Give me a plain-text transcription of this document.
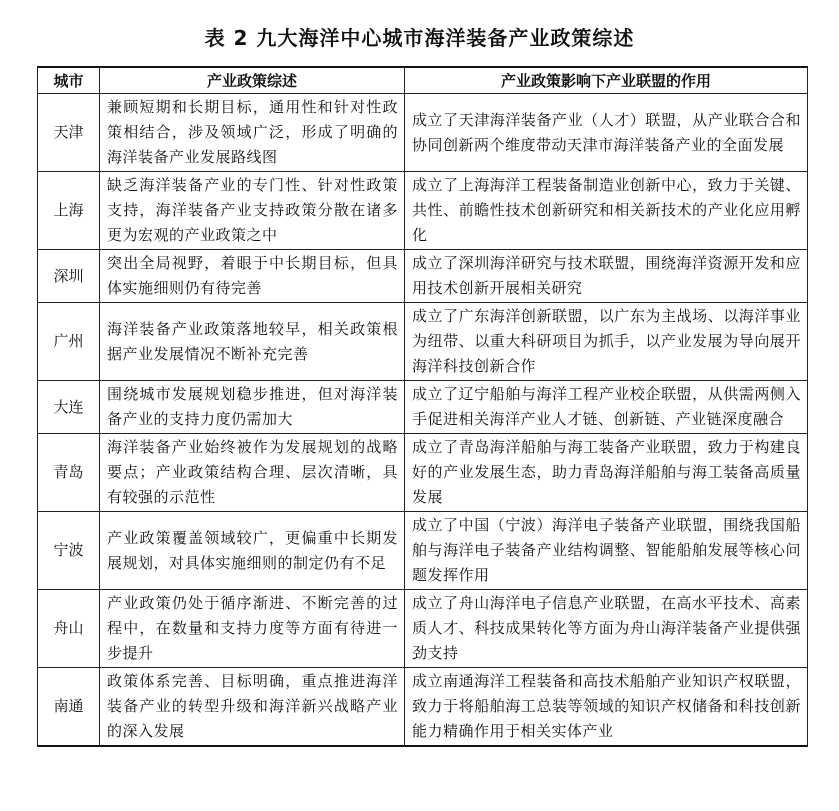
表 2 九大海洋中心城市海洋装备产业政策综述
城市	产业政策综述	产业政策影响下产业联盟的作用
天津	兼顾短期和长期目标，通用性和针对性政策相结合，涉及领域广泛，形成了明确的海洋装备产业发展路线图	成立了天津海洋装备产业（人才）联盟，从产业联合合和协同创新两个维度带动天津市海洋装备产业的全面发展
上海	缺乏海洋装备产业的专门性、针对性政策支持，海洋装备产业支持政策分散在诸多更为宏观的产业政策之中	成立了上海海洋工程装备制造业创新中心，致力于关键、共性、前瞻性技术创新研究和相关新技术的产业化应用孵化
深圳	突出全局视野，着眼于中长期目标，但具体实施细则仍有待完善	成立了深圳海洋研究与技术联盟，围绕海洋资源开发和应用技术创新开展相关研究
广州	海洋装备产业政策落地较早，相关政策根据产业发展情况不断补充完善	成立了广东海洋创新联盟，以广东为主战场、以海洋事业为纽带、以重大科研项目为抓手，以产业发展为导向展开海洋科技创新合作
大连	围绕城市发展规划稳步推进，但对海洋装备产业的支持力度仍需加大	成立了辽宁船舶与海洋工程产业校企联盟，从供需两侧入手促进相关海洋产业人才链、创新链、产业链深度融合
青岛	海洋装备产业始终被作为发展规划的战略要点；产业政策结构合理、层次清晰，具有较强的示范性	成立了青岛海洋船舶与海工装备产业联盟，致力于构建良好的产业发展生态，助力青岛海洋船舶与海工装备高质量发展
宁波	产业政策覆盖领域较广，更偏重中长期发展规划，对具体实施细则的制定仍有不足	成立了中国（宁波）海洋电子装备产业联盟，围绕我国船舶与海洋电子装备产业结构调整、智能船舶发展等核心问题发挥作用
舟山	产业政策仍处于循序渐进、不断完善的过程中，在数量和支持力度等方面有待进一步提升	成立了舟山海洋电子信息产业联盟，在高水平技术、高素质人才、科技成果转化等方面为舟山海洋装备产业提供强劲支持
南通	政策体系完善、目标明确，重点推进海洋装备产业的转型升级和海洋新兴战略产业的深入发展	成立南通海洋工程装备和高技术船舶产业知识产权联盟，致力于将船舶海工总装等领域的知识产权储备和科技创新能力精确作用于相关实体产业
